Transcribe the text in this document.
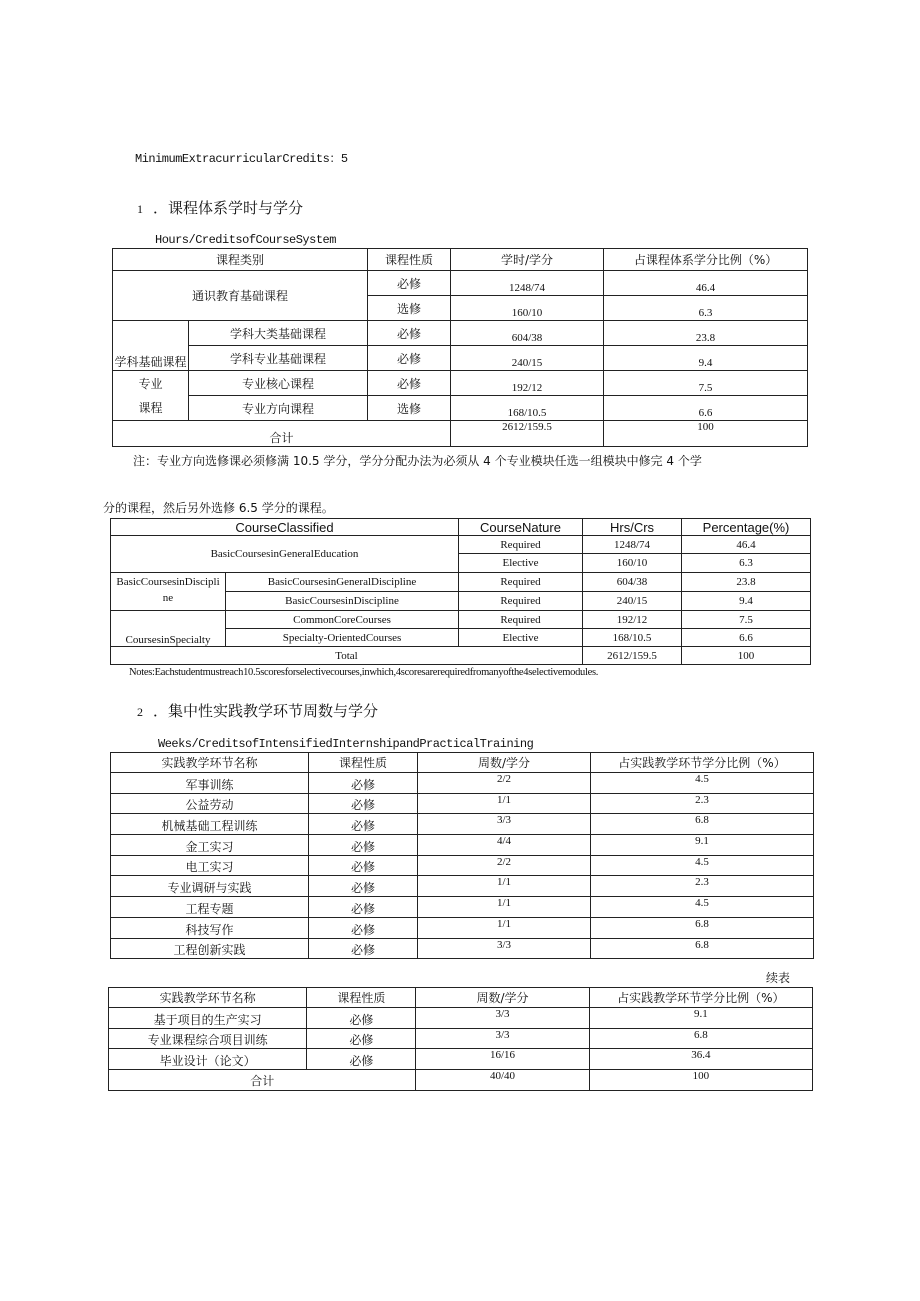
MinimumExtracurricularCredits：5
1 ．课程体系学时与学分
Hours/CreditsofCourseSystem
课程类别		课程性质	学时/学分	占课程体系学分比例（%）
通识教育基础课程		必修	1248/74	46.4
		选修	160/10	6.3
学科基础课程	学科大类基础课程	必修	604/38	23.8
	学科专业基础课程	必修	240/15	9.4
专业	专业核心课程	必修	192/12	7.5
课程	专业方向课程	选修	168/10.5	6.6
合计			2612/159.5	100
注：专业方向选修课必须修满 10.5 学分，学分分配办法为必须从 4 个专业模块任选一组模块中修完 4 个学
分的课程，然后另外选修 6.5 学分的课程。
CourseClassified		CourseNature	Hrs/Crs	Percentage(%)
BasicCoursesinGeneralEducation		Required	1248/74	46.4
		Elective	160/10	6.3
BasicCoursesinDiscipli	BasicCoursesinGeneralDiscipline	Required	604/38	23.8
ne	BasicCoursesinDiscipline	Required	240/15	9.4
CoursesinSpecialty	CommonCoreCourses	Required	192/12	7.5
	Specialty-OrientedCourses	Elective	168/10.5	6.6
Total			2612/159.5	100
Notes:Eachstudentmustreach10.5scoresforselectivecourses,inwhich,4scoresarerequiredfromanyofthe4selectivemodules.
2 ．集中性实践教学环节周数与学分
Weeks/CreditsofIntensifiedInternshipandPracticalTraining
实践教学环节名称	课程性质	周数/学分	占实践教学环节学分比例（%）
军事训练	必修	2/2	4.5
公益劳动	必修	1/1	2.3
机械基础工程训练	必修	3/3	6.8
金工实习	必修	4/4	9.1
电工实习	必修	2/2	4.5
专业调研与实践	必修	1/1	2.3
工程专题	必修	1/1	4.5
科技写作	必修	1/1	6.8
工程创新实践	必修	3/3	6.8
续表
实践教学环节名称	课程性质	周数/学分	占实践教学环节学分比例（%）
基于项目的生产实习	必修	3/3	9.1
专业课程综合项目训练	必修	3/3	6.8
毕业设计（论文）	必修	16/16	36.4
合计		40/40	100
